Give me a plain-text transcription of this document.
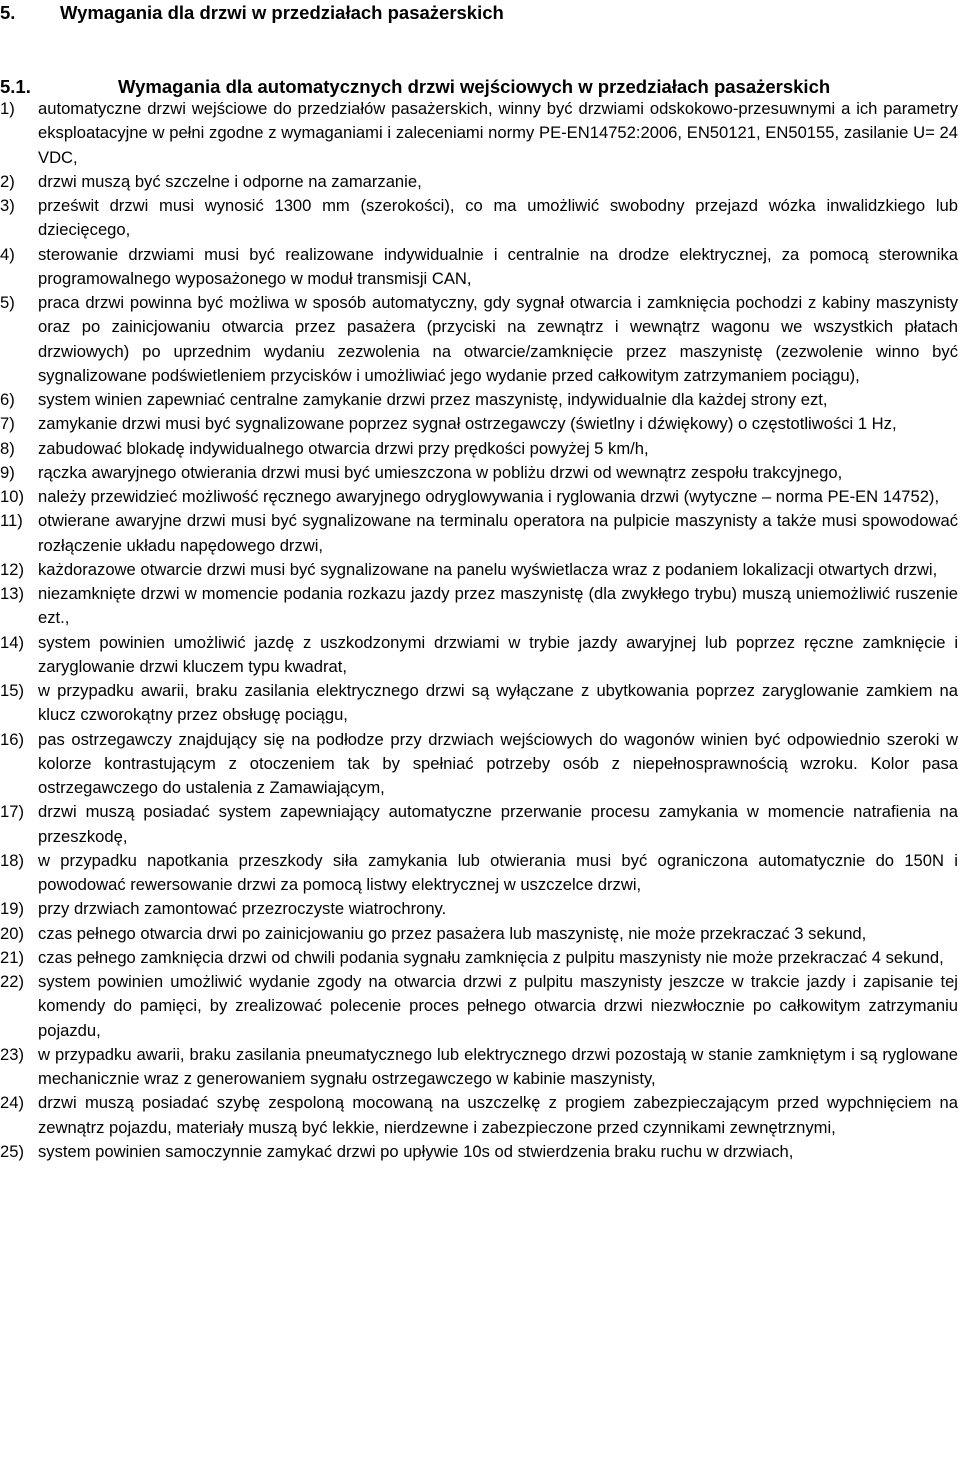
5. Wymagania dla drzwi w przedziałach pasażerskich
5.1.	Wymagania dla automatycznych drzwi wejściowych w przedziałach pasażerskich
1) automatyczne drzwi wejściowe do przedziałów pasażerskich, winny być drzwiami odskokowo-przesuwnymi a ich parametry eksploatacyjne w pełni zgodne z wymaganiami i zaleceniami normy PE-EN14752:2006, EN50121, EN50155, zasilanie U= 24 VDC,
2) drzwi muszą być szczelne i odporne na zamarzanie,
3) prześwit drzwi musi wynosić 1300 mm (szerokości), co ma umożliwić swobodny przejazd wózka inwalidzkiego lub dziecięcego,
4) sterowanie drzwiami musi być realizowane indywidualnie i centralnie na drodze elektrycznej, za pomocą sterownika programowalnego wyposażonego w moduł transmisji CAN,
5) praca drzwi powinna być możliwa w sposób automatyczny, gdy sygnał otwarcia i zamknięcia pochodzi z kabiny maszynisty oraz po zainicjowaniu otwarcia przez pasażera (przyciski na zewnątrz i wewnątrz wagonu we wszystkich płatach drzwiowych) po uprzednim wydaniu zezwolenia na otwarcie/zamknięcie przez maszynistę (zezwolenie winno być sygnalizowane podświetleniem przycisków i umożliwiać jego wydanie przed całkowitym zatrzymaniem pociągu),
6) system winien zapewniać centralne zamykanie drzwi przez maszynistę, indywidualnie dla każdej strony ezt,
7) zamykanie drzwi musi być sygnalizowane poprzez sygnał ostrzegawczy (świetlny i dźwiękowy) o częstotliwości 1 Hz,
8) zabudować blokadę indywidualnego otwarcia drzwi przy prędkości powyżej 5 km/h,
9) rączka awaryjnego otwierania drzwi musi być umieszczona w pobliżu drzwi od wewnątrz zespołu trakcyjnego,
10) należy przewidzieć możliwość ręcznego awaryjnego odryglowywania i ryglowania drzwi (wytyczne – norma PE-EN 14752),
11) otwierane awaryjne drzwi musi być sygnalizowane na terminalu operatora na pulpicie maszynisty a także musi spowodować rozłączenie układu napędowego drzwi,
12) każdorazowe otwarcie drzwi musi być sygnalizowane na panelu wyświetlacza wraz z podaniem lokalizacji otwartych drzwi,
13) niezamknięte drzwi w momencie podania rozkazu jazdy przez maszynistę (dla zwykłego trybu) muszą uniemożliwić ruszenie ezt.,
14) system powinien umożliwić jazdę z uszkodzonymi drzwiami w trybie jazdy awaryjnej lub poprzez ręczne zamknięcie i zaryglowanie drzwi kluczem typu kwadrat,
15) w przypadku awarii, braku zasilania elektrycznego drzwi są wyłączane z ubytkowania poprzez zaryglowanie zamkiem na klucz czworokątny przez obsługę pociągu,
16) pas ostrzegawczy znajdujący się na podłodze przy drzwiach wejściowych do wagonów winien być odpowiednio szeroki w kolorze kontrastującym z otoczeniem tak by spełniać potrzeby osób z niepełnosprawnością wzroku. Kolor pasa ostrzegawczego do ustalenia z Zamawiającym,
17) drzwi muszą posiadać system zapewniający automatyczne przerwanie procesu zamykania w momencie natrafienia na przeszkodę,
18) w przypadku napotkania przeszkody siła zamykania lub otwierania musi być ograniczona automatycznie do 150N i powodować rewersowanie drzwi za pomocą listwy elektrycznej w uszczelce drzwi,
19) przy drzwiach zamontować przezroczyste wiatrochrony.
20) czas pełnego otwarcia drwi po zainicjowaniu go przez pasażera lub maszynistę, nie może przekraczać 3 sekund,
21) czas pełnego zamknięcia drzwi od chwili podania sygnału zamknięcia z pulpitu maszynisty nie może przekraczać 4 sekund,
22) system powinien umożliwić wydanie zgody na otwarcia drzwi z pulpitu maszynisty jeszcze w trakcie jazdy i zapisanie tej komendy do pamięci, by zrealizować polecenie proces pełnego otwarcia drzwi niezwłocznie po całkowitym zatrzymaniu pojazdu,
23) w przypadku awarii, braku zasilania pneumatycznego lub elektrycznego drzwi pozostają w stanie zamkniętym i są ryglowane mechanicznie wraz z generowaniem sygnału ostrzegawczego w kabinie maszynisty,
24) drzwi muszą posiadać szybę zespoloną mocowaną na uszczelkę z progiem zabezpieczającym przed wypchnięciem na zewnątrz pojazdu, materiały muszą być lekkie, nierdzewne i zabezpieczone przed czynnikami zewnętrznymi,
25) system powinien samoczynnie zamykać drzwi po upływie 10s od stwierdzenia braku ruchu w drzwiach,
